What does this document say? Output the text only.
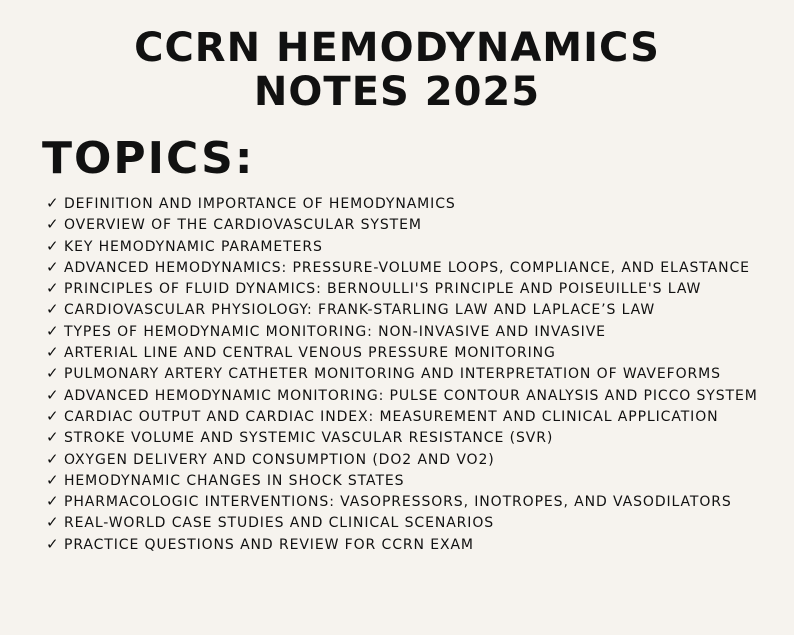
CCRN HEMODYNAMICS
NOTES 2025
TOPICS:
✓ DEFINITION AND IMPORTANCE OF HEMODYNAMICS
✓ OVERVIEW OF THE CARDIOVASCULAR SYSTEM
✓ KEY HEMODYNAMIC PARAMETERS
✓ ADVANCED HEMODYNAMICS: PRESSURE-VOLUME LOOPS, COMPLIANCE, AND ELASTANCE
✓ PRINCIPLES OF FLUID DYNAMICS: BERNOULLI'S PRINCIPLE AND POISEUILLE'S LAW
✓ CARDIOVASCULAR PHYSIOLOGY: FRANK-STARLING LAW AND LAPLACE’S LAW
✓ TYPES OF HEMODYNAMIC MONITORING: NON-INVASIVE AND INVASIVE
✓ ARTERIAL LINE AND CENTRAL VENOUS PRESSURE MONITORING
✓ PULMONARY ARTERY CATHETER MONITORING AND INTERPRETATION OF WAVEFORMS
✓ ADVANCED HEMODYNAMIC MONITORING: PULSE CONTOUR ANALYSIS AND PICCO SYSTEM
✓ CARDIAC OUTPUT AND CARDIAC INDEX: MEASUREMENT AND CLINICAL APPLICATION
✓ STROKE VOLUME AND SYSTEMIC VASCULAR RESISTANCE (SVR)
✓ OXYGEN DELIVERY AND CONSUMPTION (DO2 AND VO2)
✓ HEMODYNAMIC CHANGES IN SHOCK STATES
✓ PHARMACOLOGIC INTERVENTIONS: VASOPRESSORS, INOTROPES, AND VASODILATORS
✓ REAL-WORLD CASE STUDIES AND CLINICAL SCENARIOS
✓ PRACTICE QUESTIONS AND REVIEW FOR CCRN EXAM
